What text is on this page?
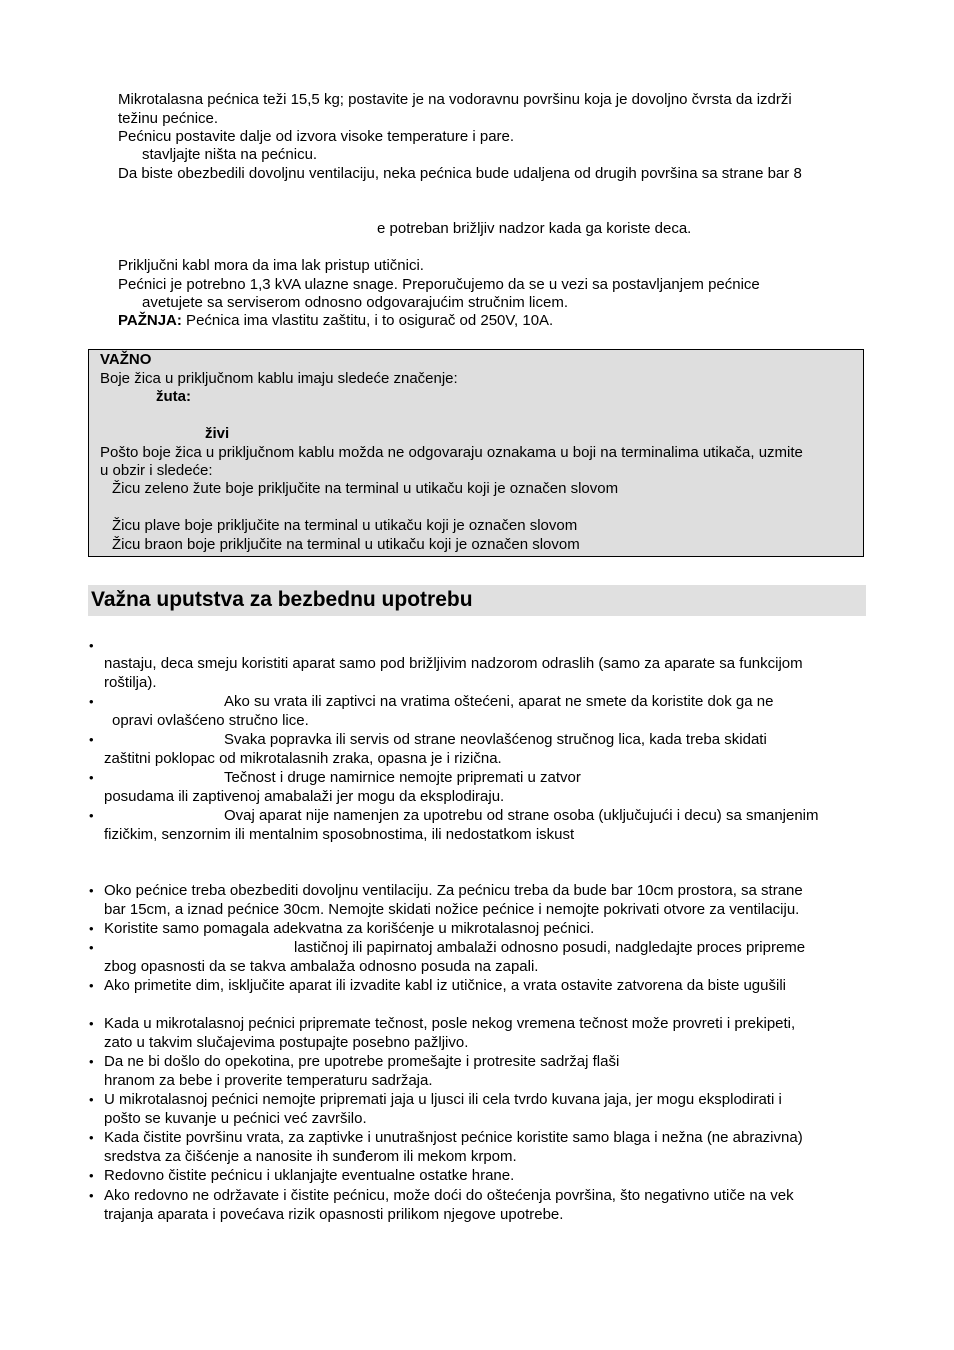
Mikrotalasna pećnica teži 15,5 kg; postavite je na vodoravnu površinu koja je dovoljno čvrsta da izdrži
težinu pećnice.
Pećnicu postavite dalje od izvora visoke temperature i pare.
stavljajte ništa na pećnicu.
Da biste obezbedili dovoljnu ventilaciju, neka pećnica bude udaljena od drugih površina sa strane bar 8
e potreban brižljiv nadzor kada ga koriste deca.
Priključni kabl mora da ima lak pristup utičnici.
Pećnici je potrebno 1,3 kVA ulazne snage. Preporučujemo da se u vezi sa postavljanjem pećnice
avetujete sa serviserom odnosno odgovarajućim stručnim licem.
PAŽNJA: Pećnica ima vlastitu zaštitu, i to osigurač od 250V, 10A.
VAŽNO
Boje žica u priključnom kablu imaju sledeće značenje:
žuta:
živi
Pošto boje žica u priključnom kablu možda ne odgovaraju oznakama u boji na terminalima utikača, uzmite
u obzir i sledeće:
Žicu zeleno žute boje priključite na terminal u utikaču koji je označen slovom
Žicu plave boje priključite na terminal u utikaču koji je označen slovom
Žicu braon boje priključite na terminal u utikaču koji je označen slovom
Važna uputstva za bezbednu upotrebu
•
nastaju, deca smeju koristiti aparat samo pod brižljivim nadzorom odraslih (samo za aparate sa funkcijom
roštilja).
•	Ako su vrata ili zaptivci na vratima oštećeni, aparat ne smete da koristite dok ga ne
opravi ovlašćeno stručno lice.
•	Svaka popravka ili servis od strane neovlašćenog stručnog lica, kada treba skidati
zaštitni poklopac od mikrotalasnih zraka, opasna je i rizična.
•	Tečnost i druge namirnice nemojte pripremati u zatvor
posudama ili zaptivenoj amabalaži jer mogu da eksplodiraju.
•	Ovaj aparat nije namenjen za upotrebu od strane osoba (uključujući i decu) sa smanjenim
fizičkim, senzornim ili mentalnim sposobnostima, ili nedostatkom iskust
• Oko pećnice treba obezbediti dovoljnu ventilaciju. Za pećnicu treba da bude bar 10cm prostora, sa strane
bar 15cm, a iznad pećnice 30cm. Nemojte skidati nožice pećnice i nemojte pokrivati otvore za ventilaciju.
• Koristite samo pomagala adekvatna za korišćenje u mikrotalasnoj pećnici.
•	lastičnoj ili papirnatoj ambalaži odnosno posudi, nadgledajte proces pripreme
zbog opasnosti da se takva ambalaža odnosno posuda na zapali.
• Ako primetite dim, isključite aparat ili izvadite kabl iz utičnice, a vrata ostavite zatvorena da biste ugušili
• Kada u mikrotalasnoj pećnici pripremate tečnost, posle nekog vremena tečnost može provreti i prekipeti,
zato u takvim slučajevima postupajte posebno pažljivo.
• Da ne bi došlo do opekotina, pre upotrebe promešajte i protresite sadržaj flaši
hranom za bebe i proverite temperaturu sadržaja.
• U mikrotalasnoj pećnici nemojte pripremati jaja u ljusci ili cela tvrdo kuvana jaja, jer mogu eksplodirati i
pošto se kuvanje u pećnici već završilo.
• Kada čistite površinu vrata, za zaptivke i unutrašnjost pećnice koristite samo blaga i nežna (ne abrazivna)
sredstva za čišćenje a nanosite ih sunđerom ili mekom krpom.
• Redovno čistite pećnicu i uklanjajte eventualne ostatke hrane.
• Ako redovno ne održavate i čistite pećnicu, može doći do oštećenja površina, što negativno utiče na vek
trajanja aparata i povećava rizik opasnosti prilikom njegove upotrebe.
